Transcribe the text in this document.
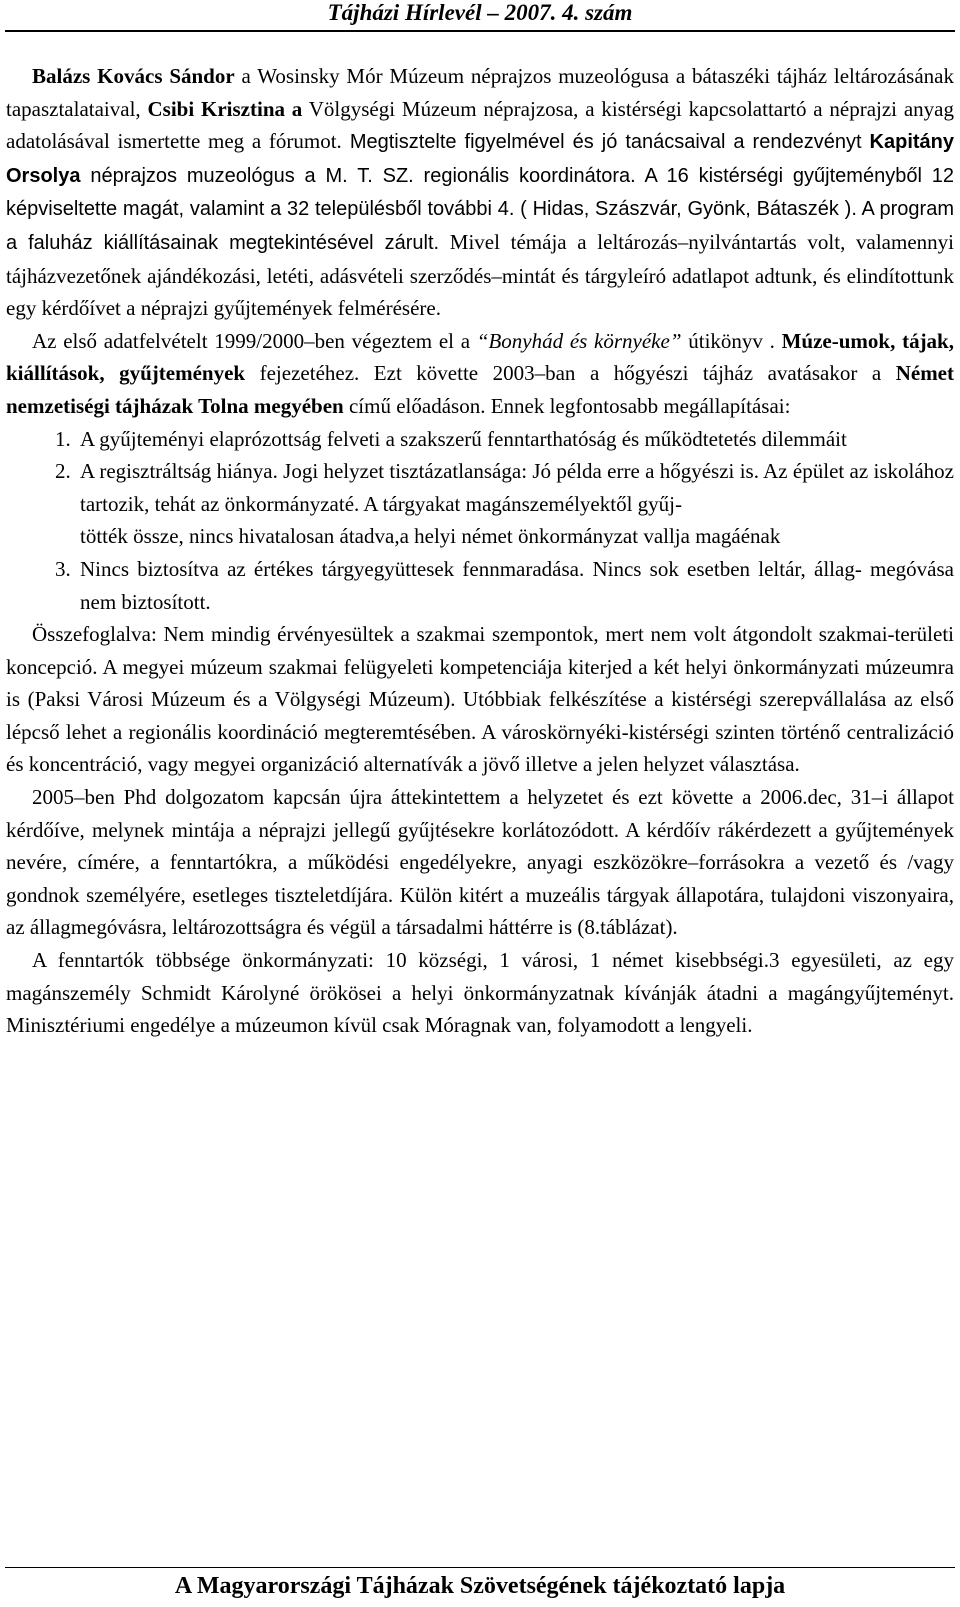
Tájházi Hírlevél – 2007. 4. szám

Balázs Kovács Sándor a Wosinsky Mór Múzeum néprajzos muzeológusa a bátaszéki tájház leltározásának tapasztalataival, Csibi Krisztina a Völgységi Múzeum néprajzosa, a kistérségi kapcsolattartó a néprajzi anyag adatolásával ismertette meg a fórumot. Megtisztelte figyelmével és jó tanácsaival a rendezvényt Kapitány Orsolya néprajzos muzeológus a M. T. SZ. regionális koordinátora. A 16 kistérségi gyűjteményből 12 képviseltette magát, valamint a 32 településből további 4. ( Hidas, Szászvár, Gyönk, Bátaszék ). A program a faluház kiállításainak megtekintésével zárult. Mivel témája a leltározás–nyilvántartás volt, valamennyi tájházvezetőnek ajándékozási, letéti, adásvételi szerződés–mintát és tárgyleíró adatlapot adtunk, és elindítottunk egy kérdőívet a néprajzi gyűjtemények felmérésére.

Az első adatfelvételt 1999/2000–ben végeztem el a “Bonyhád és környéke” útikönyv . Múze-umok, tájak, kiállítások, gyűjtemények fejezetéhez. Ezt követte 2003–ban a hőgyészi tájház avatásakor a Német nemzetiségi tájházak Tolna megyében című előadáson. Ennek legfontosabb megállapításai:

1. A gyűjteményi elaprózottság felveti a szakszerű fenntarthatóság és működtetetés dilemmáit
2. A regisztráltság hiánya. Jogi helyzet tisztázatlansága: Jó példa erre a hőgyészi is. Az épület az iskolához tartozik, tehát az önkormányzaté. A tárgyakat magánszemélyektől gyűj-
tötték össze, nincs hivatalosan átadva,a helyi német önkormányzat vallja magáénak
3. Nincs biztosítva az értékes tárgyegyüttesek fennmaradása. Nincs sok esetben leltár, állag- megóvása nem biztosított.

Összefoglalva: Nem mindig érvényesültek a szakmai szempontok, mert nem volt átgondolt szakmai-területi koncepció. A megyei múzeum szakmai felügyeleti kompetenciája kiterjed a két helyi önkormányzati múzeumra is (Paksi Városi Múzeum és a Völgységi Múzeum). Utóbbiak felkészítése a kistérségi szerepvállalása az első lépcső lehet a regionális koordináció megteremtésében. A városkörnyéki-kistérségi szinten történő centralizáció és koncentráció, vagy megyei organizáció alternatívák a jövő illetve a jelen helyzet választása.

2005–ben Phd dolgozatom kapcsán újra áttekintettem a helyzetet és ezt követte a 2006.dec, 31–i állapot kérdőíve, melynek mintája a néprajzi jellegű gyűjtésekre korlátozódott. A kérdőív rákérdezett a gyűjtemények nevére, címére, a fenntartókra, a működési engedélyekre, anyagi eszközökre–forrásokra a vezető és /vagy gondnok személyére, esetleges tiszteletdíjára. Külön kitért a muzeális tárgyak állapotára, tulajdoni viszonyaira, az állagmegóvásra, leltározottságra és végül a társadalmi háttérre is (8.táblázat).

A fenntartók többsége önkormányzati: 10 községi, 1 városi, 1 német kisebbségi.3 egyesületi, az egy magánszemély Schmidt Károlyné örökösei a helyi önkormányzatnak kívánják átadni a magángyűjteményt. Minisztériumi engedélye a múzeumon kívül csak Móragnak van, folyamodott a lengyeli.

A Magyarországi Tájházak Szövetségének tájékoztató lapja
